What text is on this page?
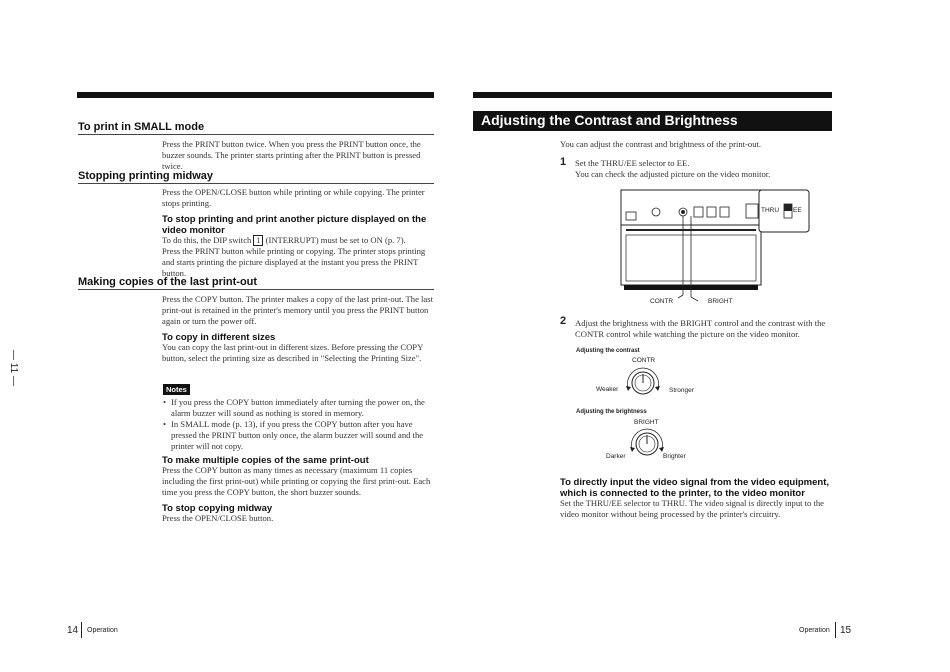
To print in SMALL mode
Press the PRINT button twice. When you press the PRINT button once, the buzzer sounds. The printer starts printing after the PRINT button is pressed twice.
Stopping printing midway
Press the OPEN/CLOSE button while printing or while copying. The printer stops printing.
To stop printing and print another picture displayed on the video monitor
To do this, the DIP switch 1 (INTERRUPT) must be set to ON (p. 7).
Press the PRINT button while printing or copying. The printer stops printing and starts printing the picture displayed at the instant you press the PRINT button.
Making copies of the last print-out
Press the COPY button. The printer makes a copy of the last print-out. The last print-out is retained in the printer's memory until you press the PRINT button again or turn the power off.
To copy in different sizes
You can copy the last print-out in different sizes. Before pressing the COPY button, select the printing size as described in "Selecting the Printing Size".
Notes
• If you press the COPY button immediately after turning the power on, the alarm buzzer will sound as nothing is stored in memory.
• In SMALL mode (p. 13), if you press the COPY button after you have pressed the PRINT button only once, the alarm buzzer will sound and the printer will not copy.
To make multiple copies of the same print-out
Press the COPY button as many times as necessary (maximum 11 copies including the first print-out) while printing or copying the first print-out. Each time you press the COPY button, the short buzzer sounds.
To stop copying midway
Press the OPEN/CLOSE button.
— 11 —
14 Operation
Adjusting the Contrast and Brightness
You can adjust the contrast and brightness of the print-out.
1 Set the THRU/EE selector to EE.
You can check the adjusted picture on the video monitor.
THRU EE
CONTR	BRIGHT
2 Adjust the brightness with the BRIGHT control and the contrast with the CONTR control while watching the picture on the video monitor.
Adjusting the contrast
CONTR
Weaker	Stronger
Adjusting the brightness
BRIGHT
Darker	Brighter
To directly input the video signal from the video equipment, which is connected to the printer, to the video monitor
Set the THRU/EE selector to THRU. The video signal is directly input to the video monitor without being processed by the printer's circuitry.
Operation 15
